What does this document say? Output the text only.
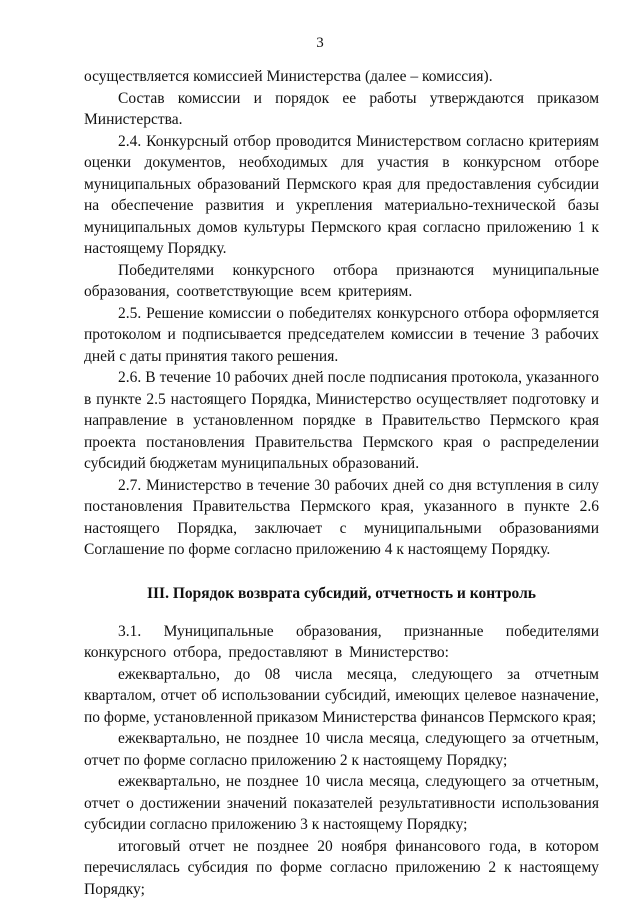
3

осуществляется комиссией Министерства (далее – комиссия).

Состав комиссии и порядок ее работы утверждаются приказом Министерства.

2.4. Конкурсный отбор проводится Министерством согласно критериям оценки документов, необходимых для участия в конкурсном отборе муниципальных образований Пермского края для предоставления субсидии на обеспечение развития и укрепления материально-технической базы муниципальных домов культуры Пермского края согласно приложению 1 к настоящему Порядку.

Победителями конкурсного отбора признаются муниципальные образования, соответствующие всем критериям.

2.5. Решение комиссии о победителях конкурсного отбора оформляется протоколом и подписывается председателем комиссии в течение 3 рабочих дней с даты принятия такого решения.

2.6. В течение 10 рабочих дней после подписания протокола, указанного в пункте 2.5 настоящего Порядка, Министерство осуществляет подготовку и направление в установленном порядке в Правительство Пермского края проекта постановления Правительства Пермского края о распределении субсидий бюджетам муниципальных образований.

2.7. Министерство в течение 30 рабочих дней со дня вступления в силу постановления Правительства Пермского края, указанного в пункте 2.6 настоящего Порядка, заключает с муниципальными образованиями Соглашение по форме согласно приложению 4 к настоящему Порядку.

III. Порядок возврата субсидий, отчетность и контроль

3.1. Муниципальные образования, признанные победителями конкурсного отбора, предоставляют в Министерство:

ежеквартально, до 08 числа месяца, следующего за отчетным кварталом, отчет об использовании субсидий, имеющих целевое назначение, по форме, установленной приказом Министерства финансов Пермского края;

ежеквартально, не позднее 10 числа месяца, следующего за отчетным, отчет по форме согласно приложению 2 к настоящему Порядку;

ежеквартально, не позднее 10 числа месяца, следующего за отчетным, отчет о достижении значений показателей результативности использования субсидии согласно приложению 3 к настоящему Порядку;

итоговый отчет не позднее 20 ноября финансового года, в котором перечислялась субсидия по форме согласно приложению 2 к настоящему Порядку;
